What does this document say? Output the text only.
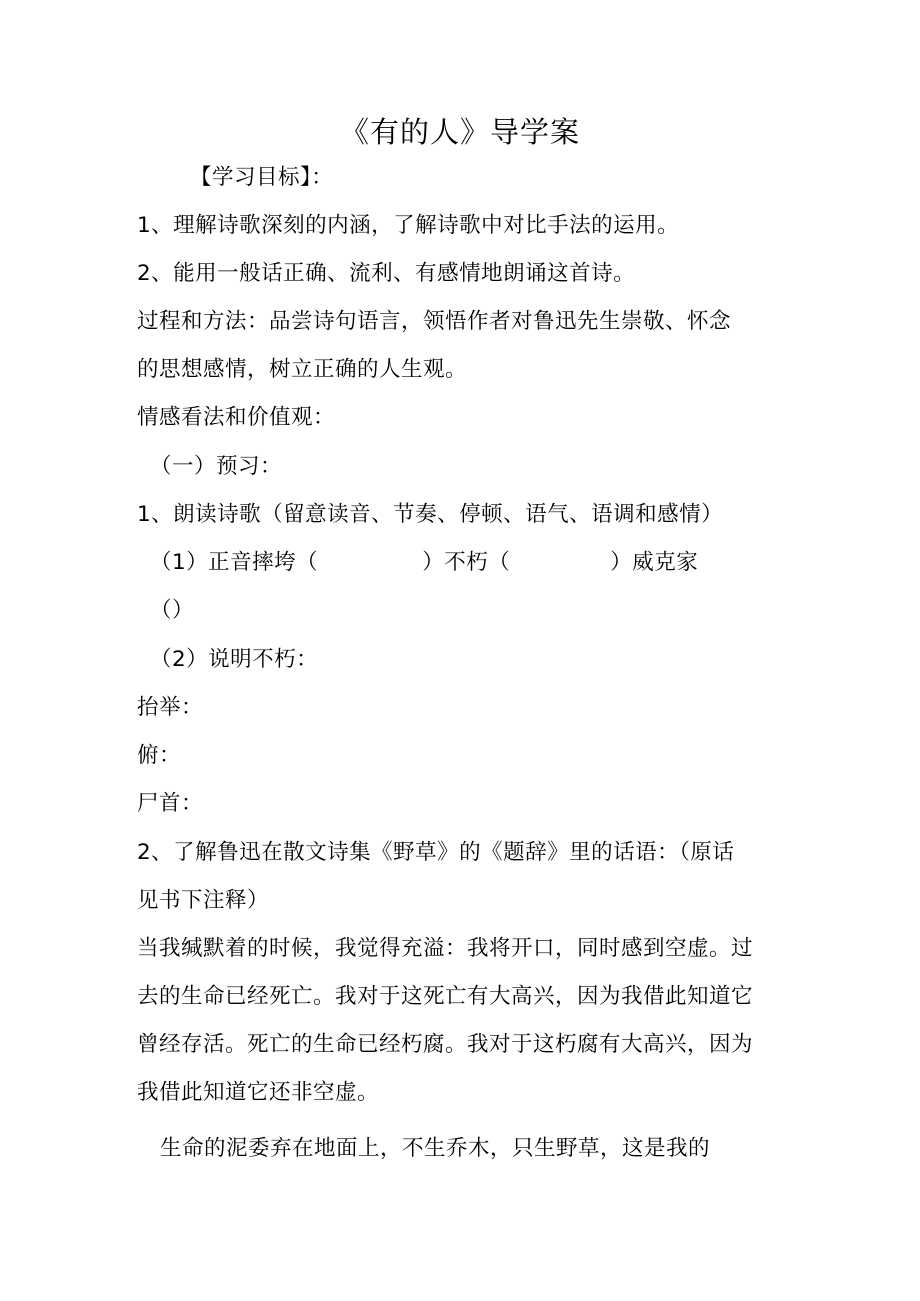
《有的人》导学案
【学习目标】：
1、理解诗歌深刻的内涵，了解诗歌中对比手法的运用。
2、能用一般话正确、流利、有感情地朗诵这首诗。
过程和方法：品尝诗句语言，领悟作者对鲁迅先生崇敬、怀念
的思想感情，树立正确的人生观。
情感看法和价值观：
（一）预习：
1、朗读诗歌（留意读音、节奏、停顿、语气、语调和感情）
（1）正音摔垮（	）不朽（	）威克家
（）
（2）说明不朽：
抬举：
俯：
尸首：
2、了解鲁迅在散文诗集《野草》的《题辞》里的话语：（原话
见书下注释）
当我缄默着的时候，我觉得充溢：我将开口，同时感到空虚。过
去的生命已经死亡。我对于这死亡有大高兴，因为我借此知道它
曾经存活。死亡的生命已经朽腐。我对于这朽腐有大高兴，因为
我借此知道它还非空虚。
生命的泥委弃在地面上，不生乔木，只生野草，这是我的
